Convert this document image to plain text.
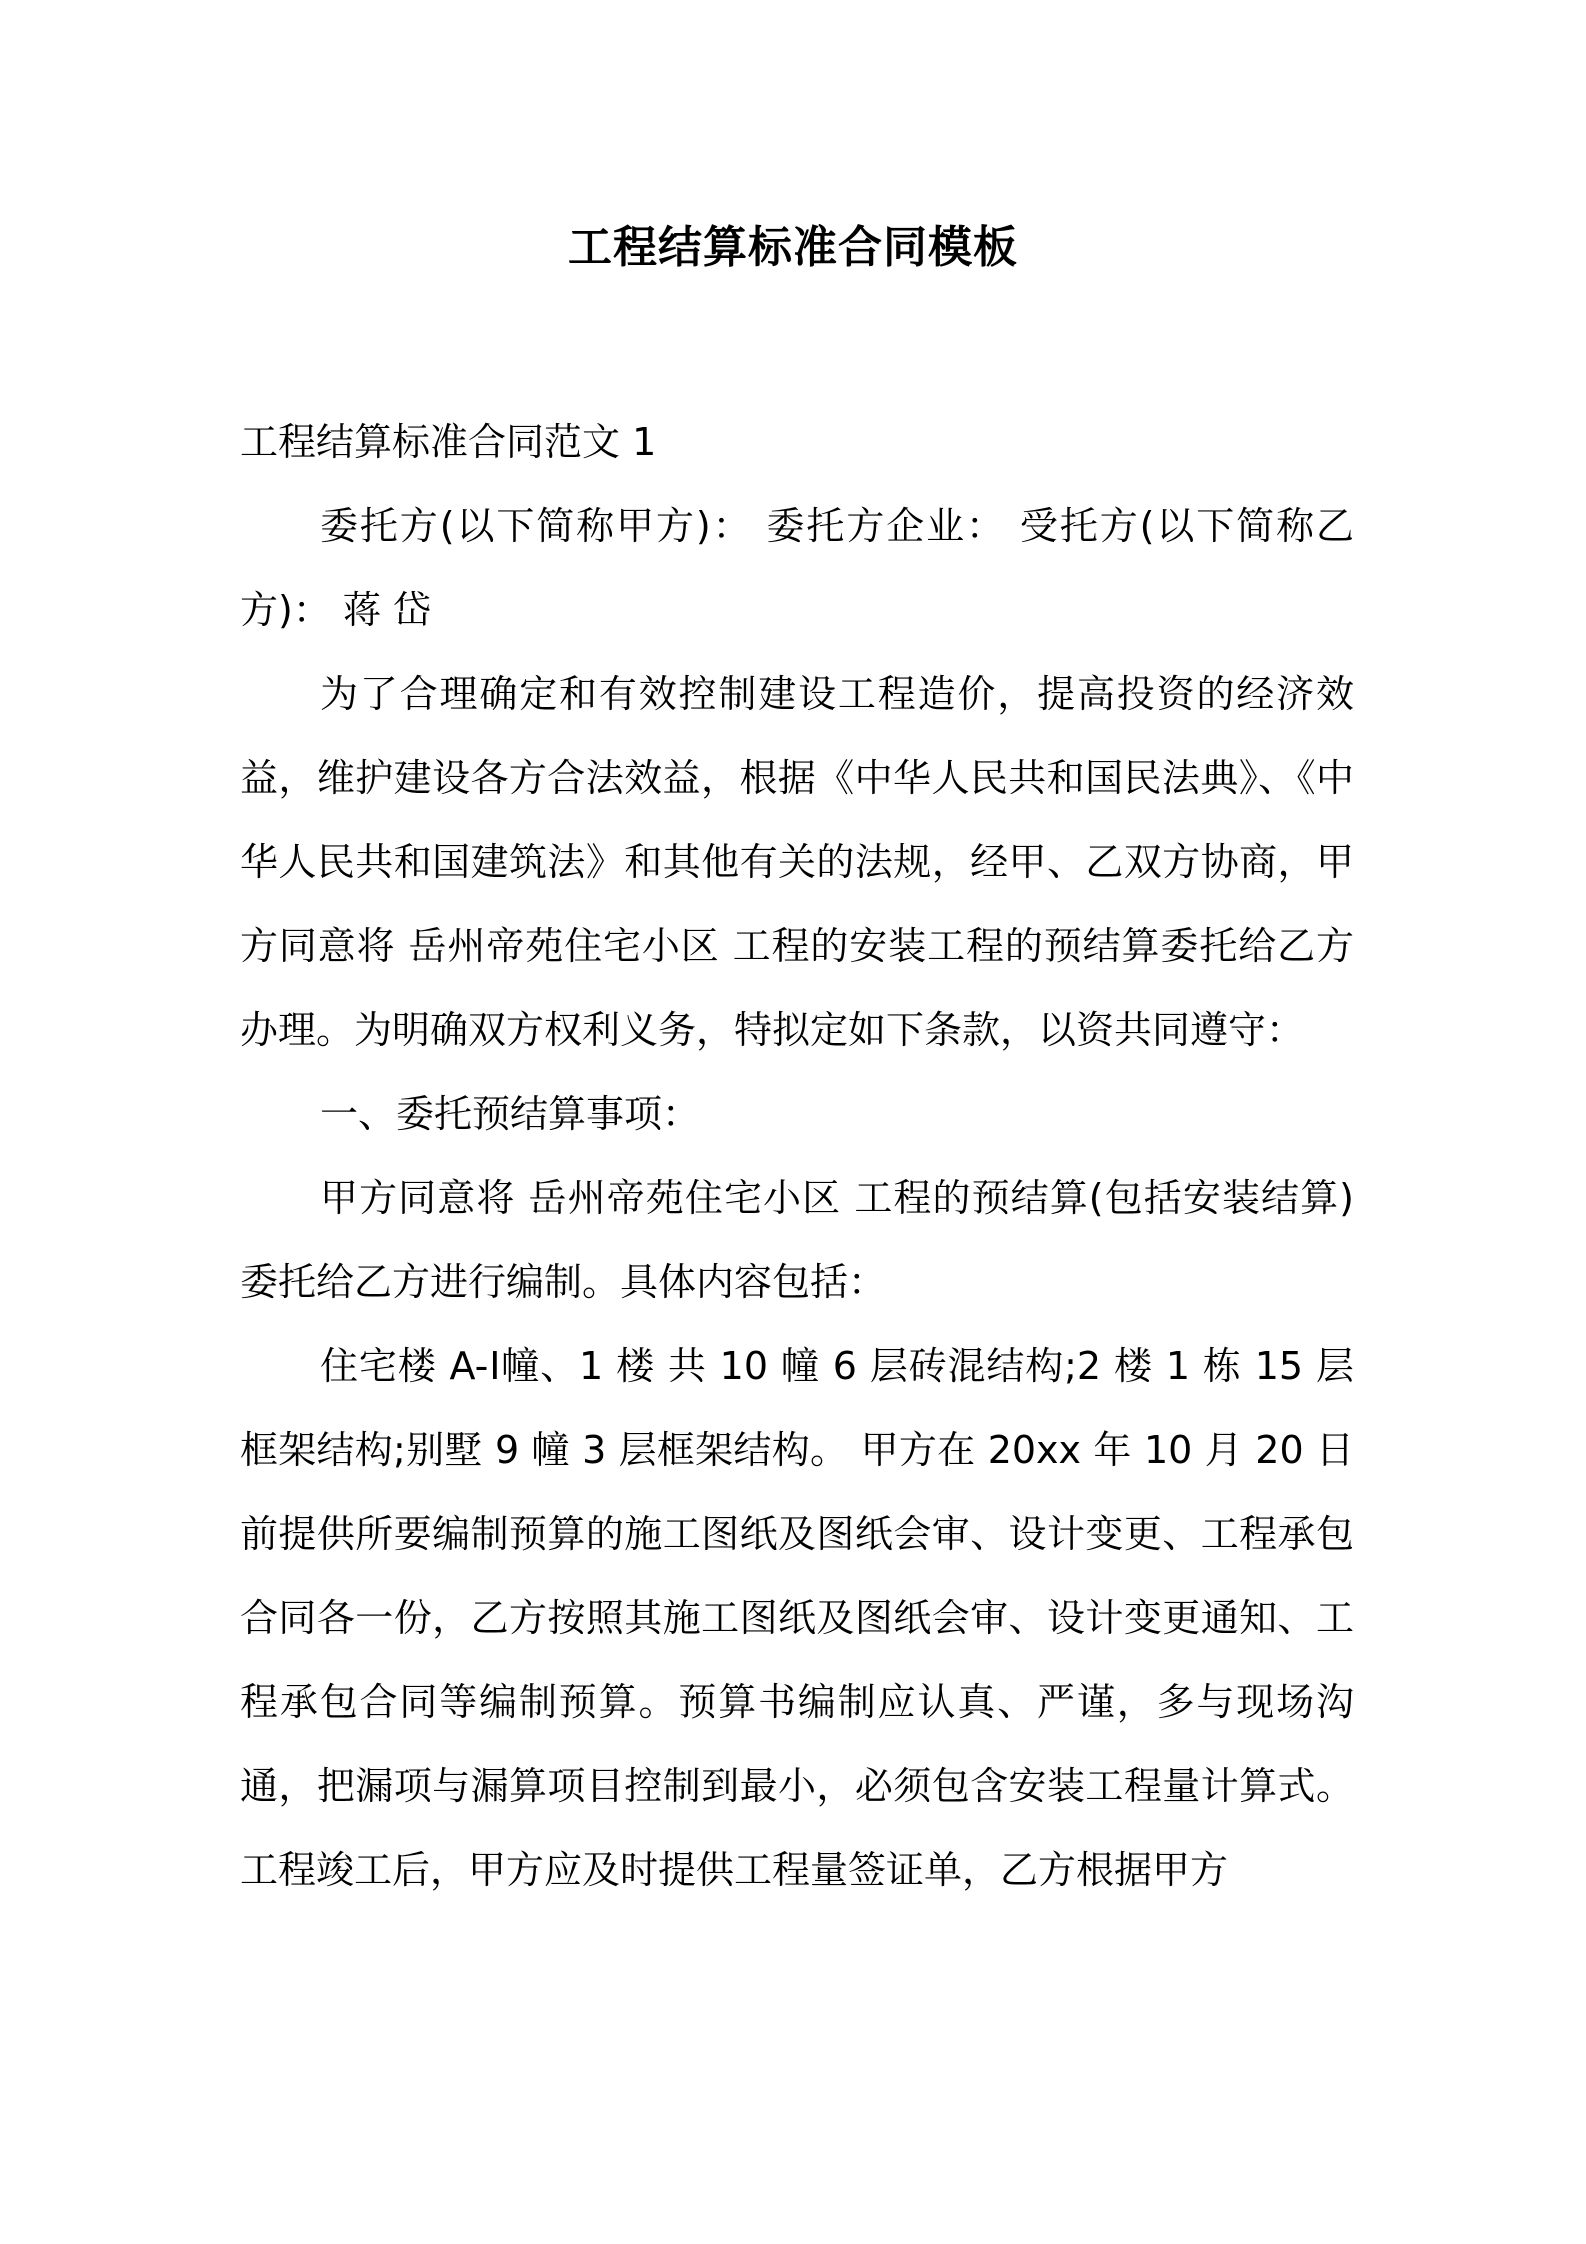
工程结算标准合同模板

工程结算标准合同范文 1

委托方(以下简称甲方)： 委托方企业： 受托方(以下简称乙方)： 蒋 岱

为了合理确定和有效控制建设工程造价，提高投资的经济效益，维护建设各方合法效益，根据《中华人民共和国民法典》、《中华人民共和国建筑法》和其他有关的法规，经甲、乙双方协商，甲方同意将 岳州帝苑住宅小区 工程的安装工程的预结算委托给乙方办理。为明确双方权利义务，特拟定如下条款，以资共同遵守：

一、委托预结算事项：

甲方同意将 岳州帝苑住宅小区 工程的预结算(包括安装结算)委托给乙方进行编制。具体内容包括：

住宅楼 A-Ⅰ幢、1 楼 共 10 幢 6 层砖混结构;2 楼 1 栋 15 层框架结构;别墅 9 幢 3 层框架结构。 甲方在 20xx 年 10 月 20 日前提供所要编制预算的施工图纸及图纸会审、设计变更、工程承包合同各一份，乙方按照其施工图纸及图纸会审、设计变更通知、工程承包合同等编制预算。预算书编制应认真、严谨，多与现场沟通，把漏项与漏算项目控制到最小，必须包含安装工程量计算式。工程竣工后，甲方应及时提供工程量签证单，乙方根据甲方
